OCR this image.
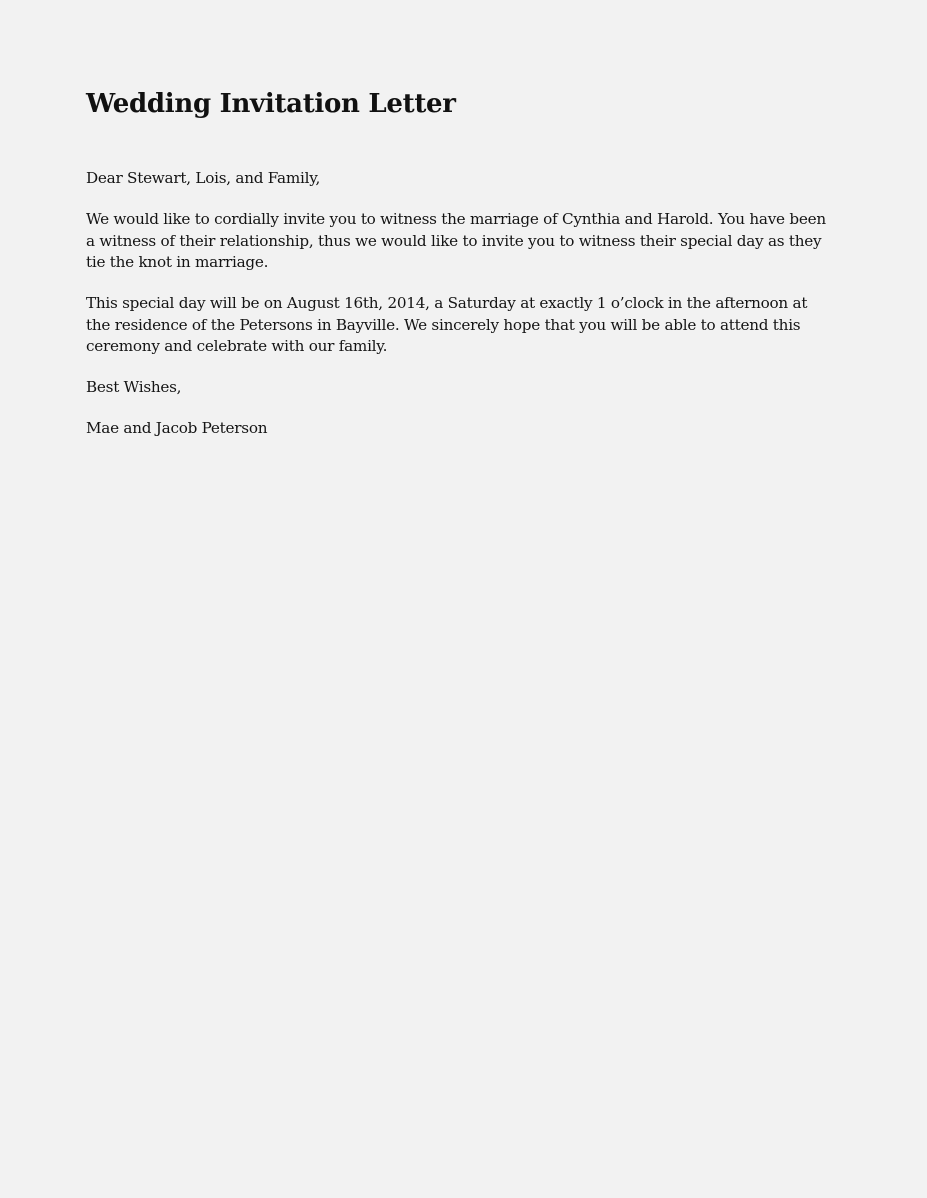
Wedding Invitation Letter

Dear Stewart, Lois, and Family,

We would like to cordially invite you to witness the marriage of Cynthia and Harold. You have been
a witness of their relationship, thus we would like to invite you to witness their special day as they
tie the knot in marriage.

This special day will be on August 16th, 2014, a Saturday at exactly 1 o’clock in the afternoon at
the residence of the Petersons in Bayville. We sincerely hope that you will be able to attend this
ceremony and celebrate with our family.

Best Wishes,

Mae and Jacob Peterson
